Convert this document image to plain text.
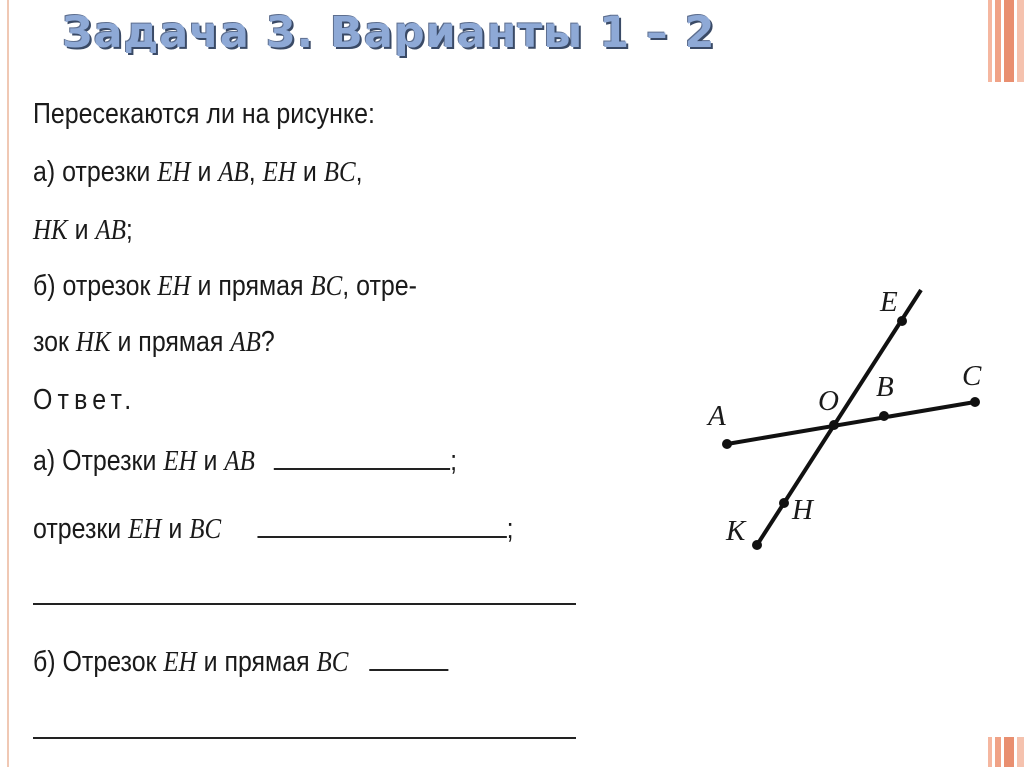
Задача 3. Варианты 1 – 2

Пересекаются ли на рисунке:

а) отрезки EH и AB, EH и BC,

HK и AB;

б) отрезок EH и прямая BC, отре-

зок HK и прямая AB?

Ответ.

а) Отрезки EH и AB	;

отрезки EH и BC	;

б) Отрезок EH и прямая BC

E
C
A	O B
H
K
